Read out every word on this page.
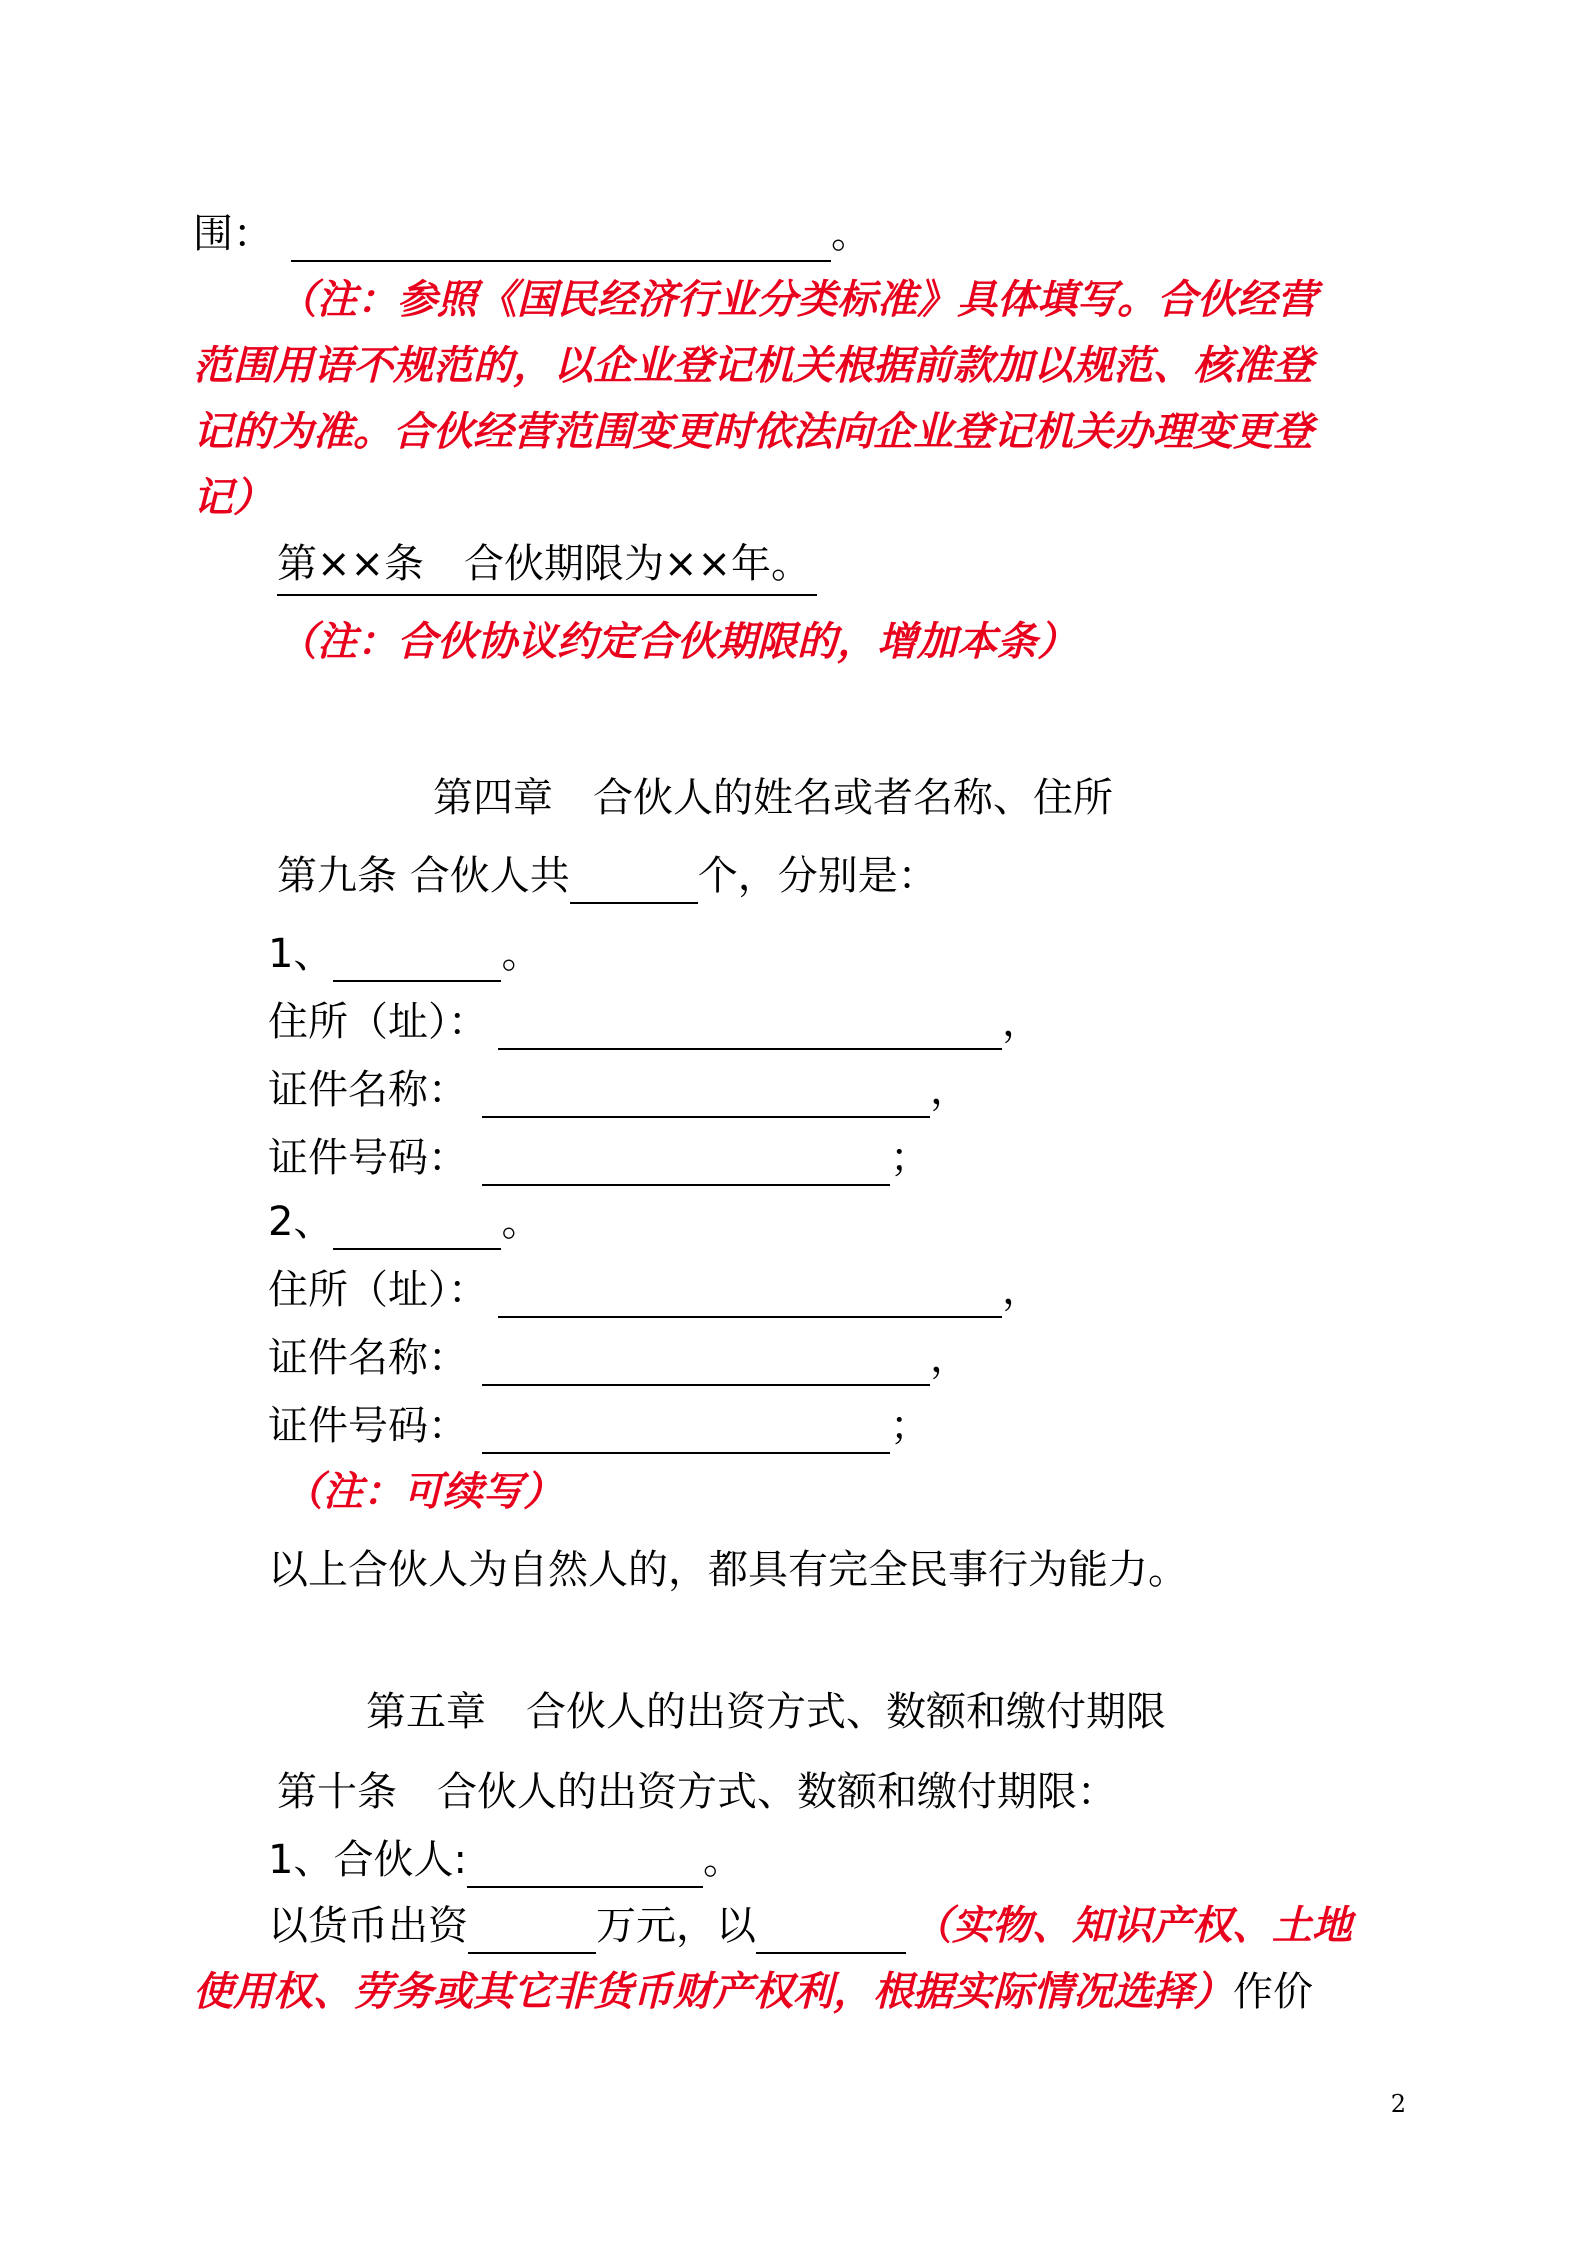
围：	。
（注：参照《国民经济行业分类标准》具体填写。合伙经营
范围用语不规范的，以企业登记机关根据前款加以规范、核准登
记的为准。合伙经营范围变更时依法向企业登记机关办理变更登
记）
第××条 合伙期限为××年。
（注：合伙协议约定合伙期限的，增加本条）
第四章 合伙人的姓名或者名称、住所
第九条 合伙人共	个，分别是：
1、	。
住所（址）：	，
证件名称：	，
证件号码：	；
2、	。
住所（址）：	，
证件名称：	，
证件号码：	；
（注：可续写）
以上合伙人为自然人的，都具有完全民事行为能力。
第五章 合伙人的出资方式、数额和缴付期限
第十条 合伙人的出资方式、数额和缴付期限：
1、合伙人:	。
以货币出资	万元，以	（实物、知识产权、土地
使用权、劳务或其它非货币财产权利，根据实际情况选择）作价
2
